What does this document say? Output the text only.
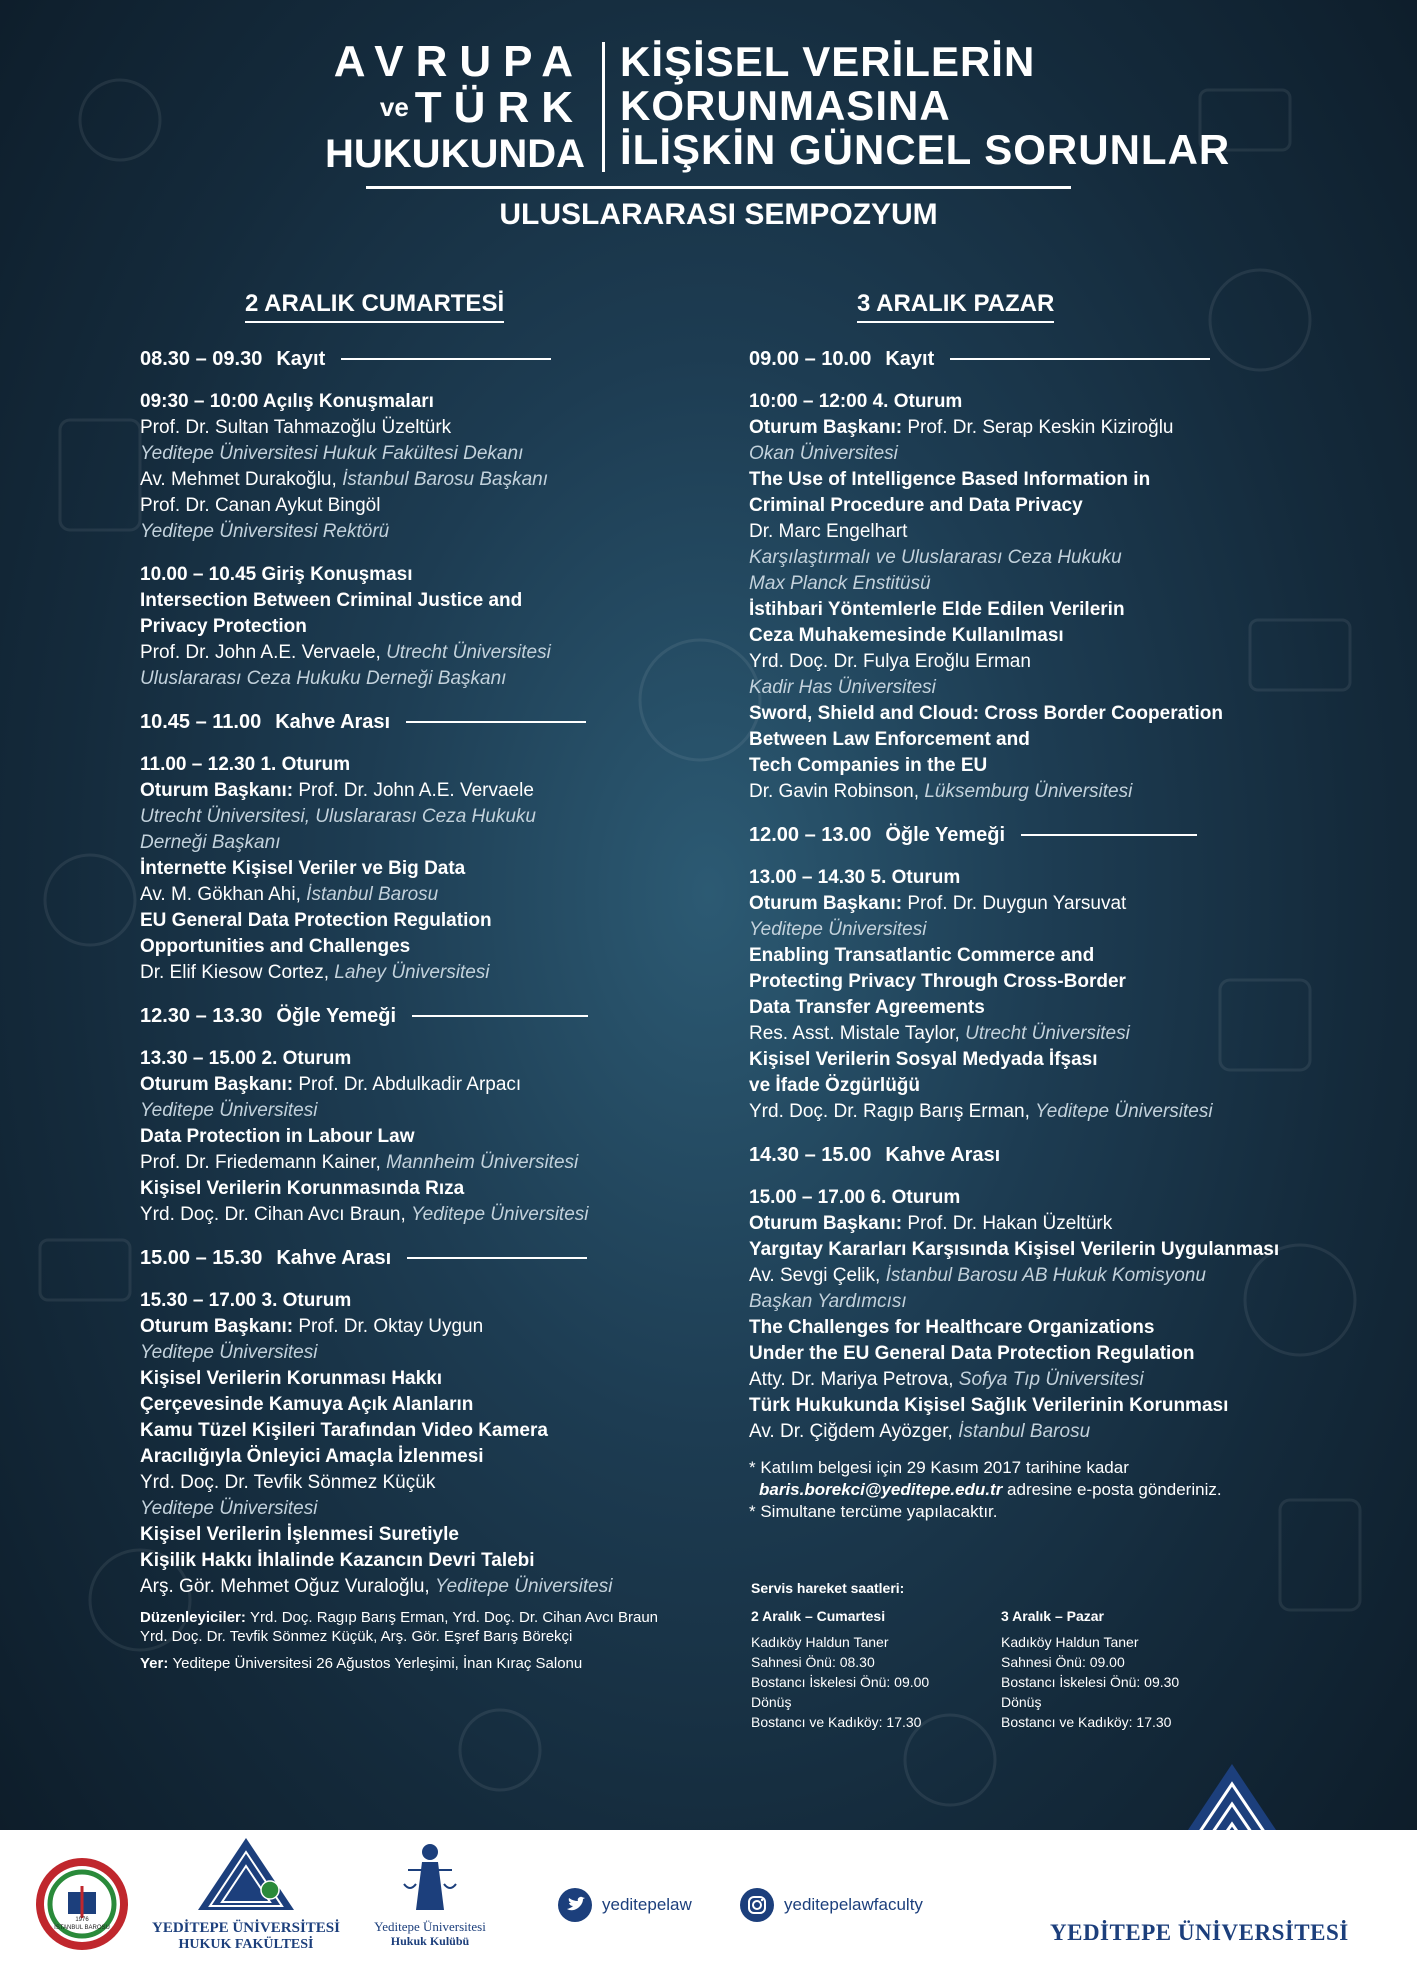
AVRUPA
ve TÜRK
HUKUKUNDA
KİŞİSEL VERİLERİN
KORUNMASINA
İLİŞKİN GÜNCEL SORUNLAR
ULUSLARARASI SEMPOZYUM
2 ARALIK CUMARTESİ	3 ARALIK PAZAR
08.30 – 09.30 Kayıt
09:30 – 10:00 Açılış Konuşmaları
Prof. Dr. Sultan Tahmazoğlu Üzeltürk
Yeditepe Üniversitesi Hukuk Fakültesi Dekanı
Av. Mehmet Durakoğlu, İstanbul Barosu Başkanı
Prof. Dr. Canan Aykut Bingöl
Yeditepe Üniversitesi Rektörü
10.00 – 10.45 Giriş Konuşması
Intersection Between Criminal Justice and
Privacy Protection
Prof. Dr. John A.E. Vervaele, Utrecht Üniversitesi
Uluslararası Ceza Hukuku Derneği Başkanı
10.45 – 11.00 Kahve Arası
11.00 – 12.30 1. Oturum
Oturum Başkanı: Prof. Dr. John A.E. Vervaele
Utrecht Üniversitesi, Uluslararası Ceza Hukuku
Derneği Başkanı
İnternette Kişisel Veriler ve Big Data
Av. M. Gökhan Ahi, İstanbul Barosu
EU General Data Protection Regulation
Opportunities and Challenges
Dr. Elif Kiesow Cortez, Lahey Üniversitesi
12.30 – 13.30 Öğle Yemeği
13.30 – 15.00 2. Oturum
Oturum Başkanı: Prof. Dr. Abdulkadir Arpacı
Yeditepe Üniversitesi
Data Protection in Labour Law
Prof. Dr. Friedemann Kainer, Mannheim Üniversitesi
Kişisel Verilerin Korunmasında Rıza
Yrd. Doç. Dr. Cihan Avcı Braun, Yeditepe Üniversitesi
15.00 – 15.30 Kahve Arası
15.30 – 17.00 3. Oturum
Oturum Başkanı: Prof. Dr. Oktay Uygun
Yeditepe Üniversitesi
Kişisel Verilerin Korunması Hakkı
Çerçevesinde Kamuya Açık Alanların
Kamu Tüzel Kişileri Tarafından Video Kamera
Aracılığıyla Önleyici Amaçla İzlenmesi
Yrd. Doç. Dr. Tevfik Sönmez Küçük
Yeditepe Üniversitesi
Kişisel Verilerin İşlenmesi Suretiyle
Kişilik Hakkı İhlalinde Kazancın Devri Talebi
Arş. Gör. Mehmet Oğuz Vuraloğlu, Yeditepe Üniversitesi
Düzenleyiciler: Yrd. Doç. Ragıp Barış Erman, Yrd. Doç. Dr. Cihan Avcı Braun
Yrd. Doç. Dr. Tevfik Sönmez Küçük, Arş. Gör. Eşref Barış Börekçi
Yer: Yeditepe Üniversitesi 26 Ağustos Yerleşimi, İnan Kıraç Salonu
09.00 – 10.00 Kayıt
10:00 – 12:00 4. Oturum
Oturum Başkanı: Prof. Dr. Serap Keskin Kiziroğlu
Okan Üniversitesi
The Use of Intelligence Based Information in
Criminal Procedure and Data Privacy
Dr. Marc Engelhart
Karşılaştırmalı ve Uluslararası Ceza Hukuku
Max Planck Enstitüsü
İstihbari Yöntemlerle Elde Edilen Verilerin
Ceza Muhakemesinde Kullanılması
Yrd. Doç. Dr. Fulya Eroğlu Erman
Kadir Has Üniversitesi
Sword, Shield and Cloud: Cross Border Cooperation
Between Law Enforcement and
Tech Companies in the EU
Dr. Gavin Robinson, Lüksemburg Üniversitesi
12.00 – 13.00 Öğle Yemeği
13.00 – 14.30 5. Oturum
Oturum Başkanı: Prof. Dr. Duygun Yarsuvat
Yeditepe Üniversitesi
Enabling Transatlantic Commerce and
Protecting Privacy Through Cross-Border
Data Transfer Agreements
Res. Asst. Mistale Taylor, Utrecht Üniversitesi
Kişisel Verilerin Sosyal Medyada İfşası
ve İfade Özgürlüğü
Yrd. Doç. Dr. Ragıp Barış Erman, Yeditepe Üniversitesi
14.30 – 15.00 Kahve Arası
15.00 – 17.00 6. Oturum
Oturum Başkanı: Prof. Dr. Hakan Üzeltürk
Yargıtay Kararları Karşısında Kişisel Verilerin Uygulanması
Av. Sevgi Çelik, İstanbul Barosu AB Hukuk Komisyonu
Başkan Yardımcısı
The Challenges for Healthcare Organizations
Under the EU General Data Protection Regulation
Atty. Dr. Mariya Petrova, Sofya Tıp Üniversitesi
Türk Hukukunda Kişisel Sağlık Verilerinin Korunması
Av. Dr. Çiğdem Ayözger, İstanbul Barosu
* Katılım belgesi için 29 Kasım 2017 tarihine kadar
baris.borekci@yeditepe.edu.tr adresine e-posta gönderiniz.
* Simultane tercüme yapılacaktır.
Servis hareket saatleri:
2 Aralık – Cumartesi
Kadıköy Haldun Taner
Sahnesi Önü: 08.30
Bostancı İskelesi Önü: 09.00
Dönüş
Bostancı ve Kadıköy: 17.30
3 Aralık – Pazar
Kadıköy Haldun Taner
Sahnesi Önü: 09.00
Bostancı İskelesi Önü: 09.30
Dönüş
Bostancı ve Kadıköy: 17.30
1976
İSTANBUL BAROSU	YEDİTEPE ÜNİVERSİTESİ
HUKUK FAKÜLTESİ
Yeditepe Üniversitesi
Hukuk Kulübü
yeditepelaw	yeditepelawfaculty
YEDİTEPE ÜNİVERSİTESİ
